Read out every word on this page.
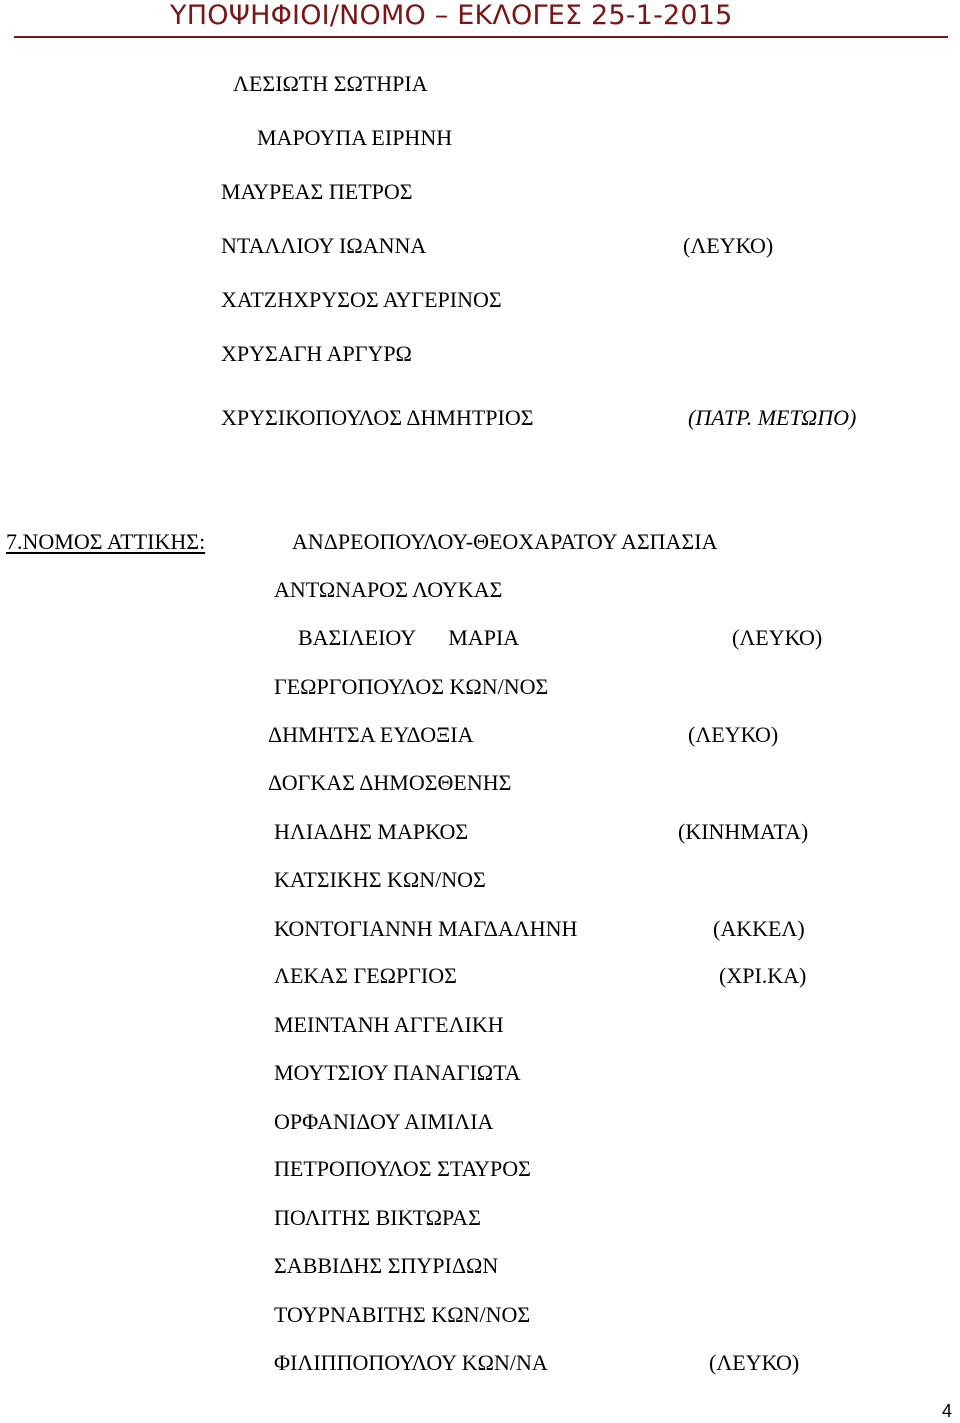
ΥΠΟΨΗΦΙΟΙ/ΝΟΜΟ – ΕΚΛΟΓΕΣ 25-1-2015
ΛΕΣΙΩΤΗ ΣΩΤΗΡΙΑ
ΜΑΡΟΥΠΑ ΕΙΡΗΝΗ
ΜΑΥΡΕΑΣ ΠΕΤΡΟΣ
ΝΤΑΛΛΙΟΥ ΙΩΑΝΝΑ	(ΛΕΥΚΟ)
ΧΑΤΖΗΧΡΥΣΟΣ ΑΥΓΕΡΙΝΟΣ
ΧΡΥΣΑΓΗ ΑΡΓΥΡΩ
ΧΡΥΣΙΚΟΠΟΥΛΟΣ ΔΗΜΗΤΡΙΟΣ	(ΠΑΤΡ. ΜΕΤΩΠΟ)
7.ΝΟΜΟΣ ΑΤΤΙΚΗΣ:	ΑΝΔΡΕΟΠΟΥΛΟΥ-ΘΕΟΧΑΡΑΤΟΥ ΑΣΠΑΣΙΑ
ΑΝΤΩΝΑΡΟΣ ΛΟΥΚΑΣ
ΒΑΣΙΛΕΙΟΥ      ΜΑΡΙΑ	(ΛΕΥΚΟ)
ΓΕΩΡΓΟΠΟΥΛΟΣ ΚΩΝ/ΝΟΣ
ΔΗΜΗΤΣΑ ΕΥΔΟΞΙΑ	(ΛΕΥΚΟ)
ΔΟΓΚΑΣ ΔΗΜΟΣΘΕΝΗΣ
ΗΛΙΑΔΗΣ ΜΑΡΚΟΣ	(ΚΙΝΗΜΑΤΑ)
ΚΑΤΣΙΚΗΣ ΚΩΝ/ΝΟΣ
ΚΟΝΤΟΓΙΑΝΝΗ ΜΑΓΔΑΛΗΝΗ	(ΑΚΚΕΛ)
ΛΕΚΑΣ ΓΕΩΡΓΙΟΣ	(ΧΡΙ.ΚΑ)
ΜΕΙΝΤΑΝΗ ΑΓΓΕΛΙΚΗ
ΜΟΥΤΣΙΟΥ ΠΑΝΑΓΙΩΤΑ
ΟΡΦΑΝΙΔΟΥ ΑΙΜΙΛΙΑ
ΠΕΤΡΟΠΟΥΛΟΣ ΣΤΑΥΡΟΣ
ΠΟΛΙΤΗΣ ΒΙΚΤΩΡΑΣ
ΣΑΒΒΙΔΗΣ ΣΠΥΡΙΔΩΝ
ΤΟΥΡΝΑΒΙΤΗΣ ΚΩΝ/ΝΟΣ
ΦΙΛΙΠΠΟΠΟΥΛΟΥ ΚΩΝ/ΝΑ	(ΛΕΥΚΟ)
4
